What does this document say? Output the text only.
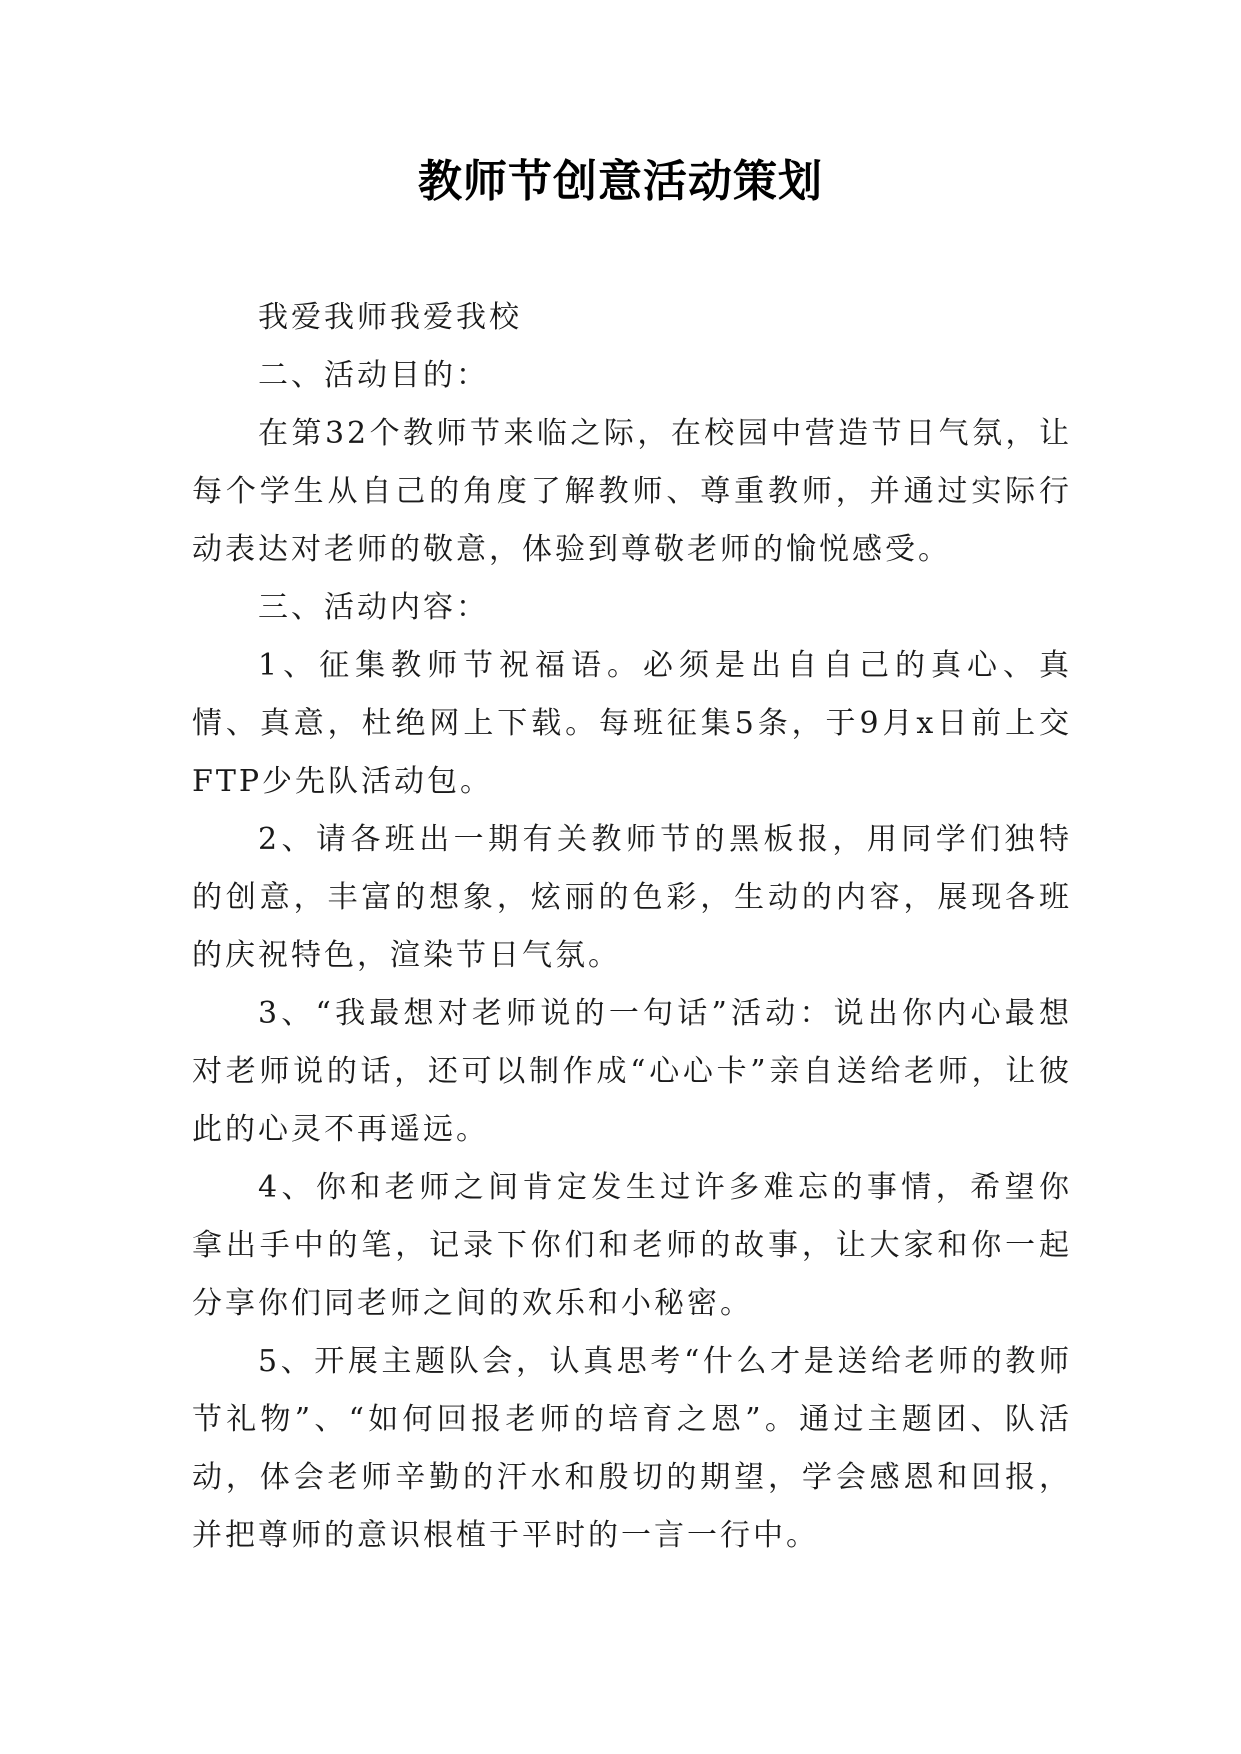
教师节创意活动策划

我爱我师我爱我校

二、活动目的：

在第32个教师节来临之际，在校园中营造节日气氛，让每个学生从自己的角度了解教师、尊重教师，并通过实际行动表达对老师的敬意，体验到尊敬老师的愉悦感受。

三、活动内容：

1、征集教师节祝福语。必须是出自自己的真心、真情、真意，杜绝网上下载。每班征集5条，于9月x日前上交FTP少先队活动包。

2、请各班出一期有关教师节的黑板报，用同学们独特的创意，丰富的想象，炫丽的色彩，生动的内容，展现各班的庆祝特色，渲染节日气氛。

3、“我最想对老师说的一句话”活动：说出你内心最想对老师说的话，还可以制作成“心心卡”亲自送给老师，让彼此的心灵不再遥远。

4、你和老师之间肯定发生过许多难忘的事情，希望你拿出手中的笔，记录下你们和老师的故事，让大家和你一起分享你们同老师之间的欢乐和小秘密。

5、开展主题队会，认真思考“什么才是送给老师的教师节礼物”、“如何回报老师的培育之恩”。通过主题团、队活动，体会老师辛勤的汗水和殷切的期望，学会感恩和回报，并把尊师的意识根植于平时的一言一行中。
